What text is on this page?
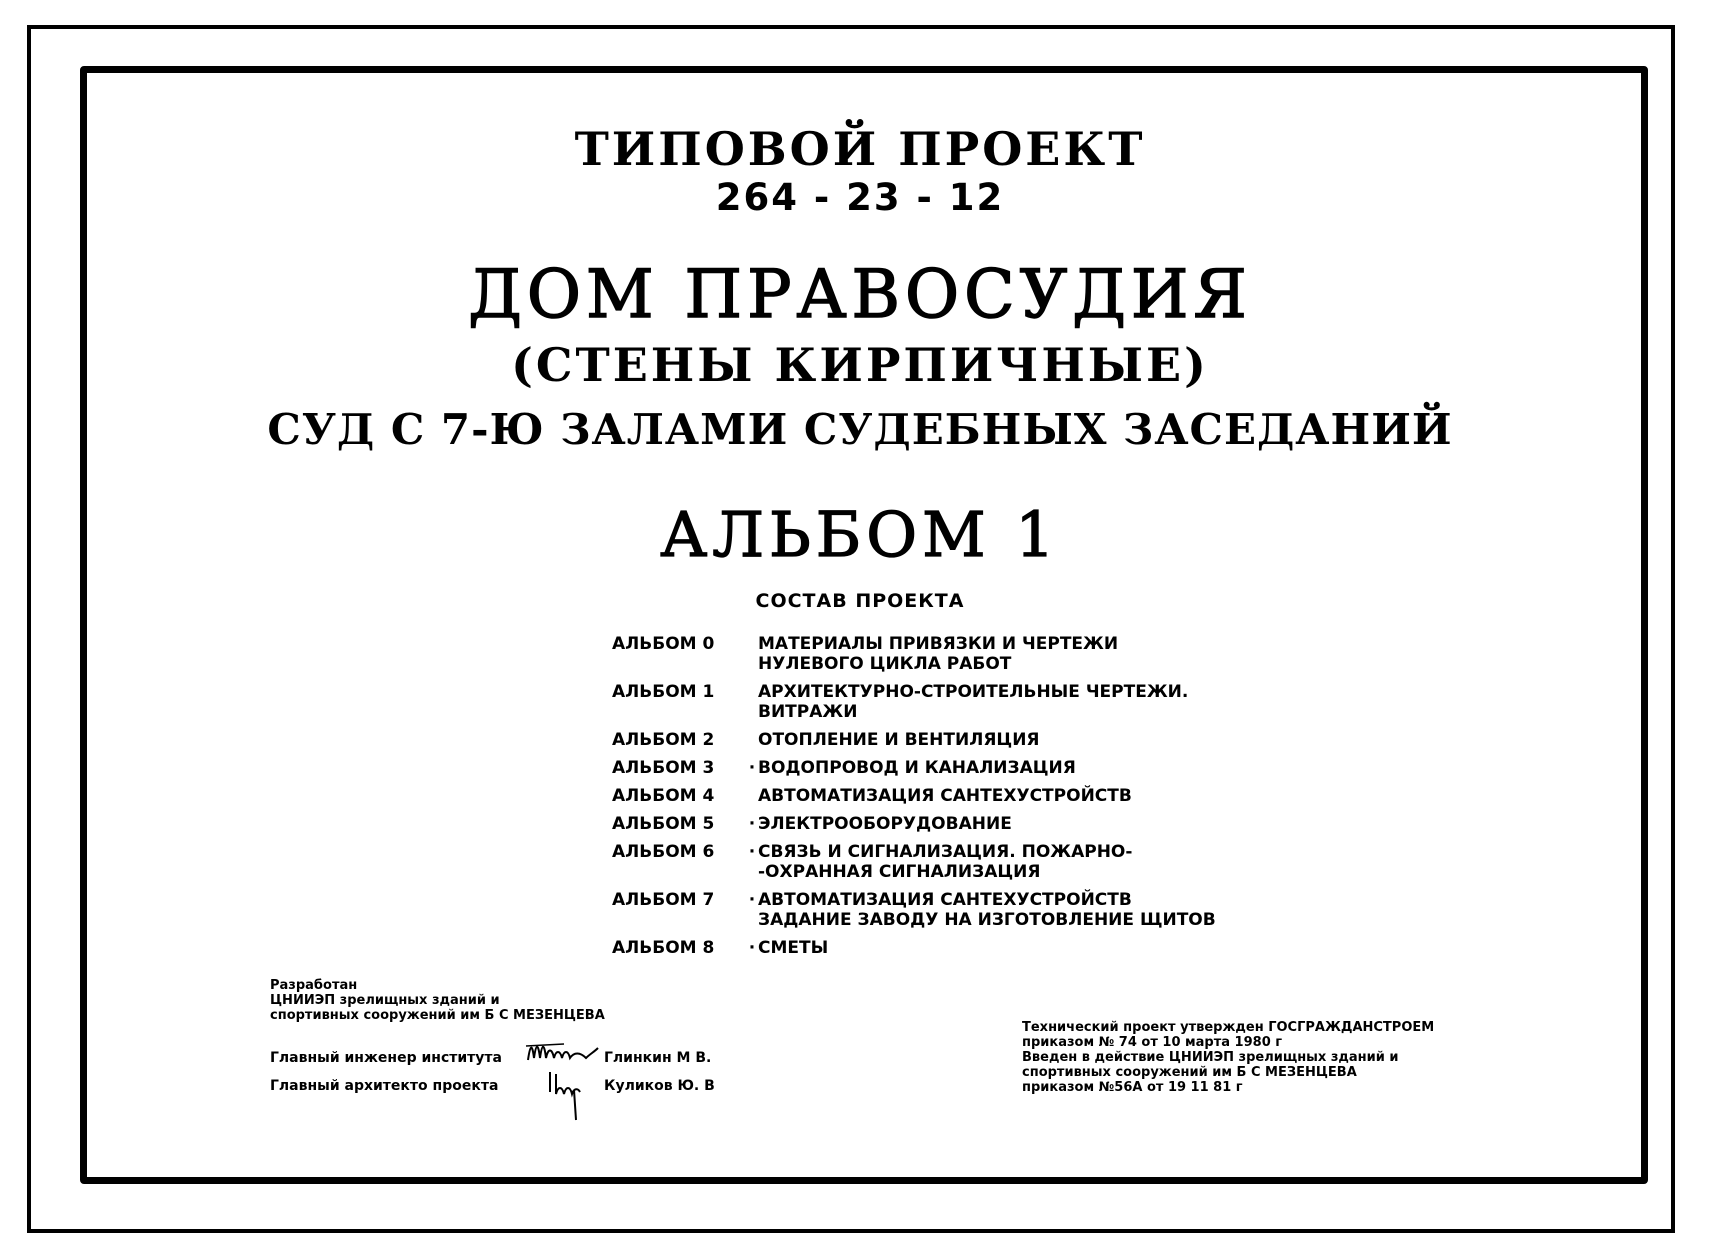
ТИПОВОЙ ПРОЕКТ
264 - 23 - 12
ДОМ ПРАВОСУДИЯ
(СТЕНЫ КИРПИЧНЫЕ)
СУД С 7-Ю ЗАЛАМИ СУДЕБНЫХ ЗАСЕДАНИЙ
АЛЬБОМ 1
СОСТАВ ПРОЕКТА
АЛЬБОМ 0	МАТЕРИАЛЫ ПРИВЯЗКИ И ЧЕРТЕЖИ
НУЛЕВОГО ЦИКЛА РАБОТ
АЛЬБОМ 1	АРХИТЕКТУРНО-СТРОИТЕЛЬНЫЕ ЧЕРТЕЖИ.
ВИТРАЖИ
АЛЬБОМ 2	ОТОПЛЕНИЕ И ВЕНТИЛЯЦИЯ
АЛЬБОМ 3	· ВОДОПРОВОД И КАНАЛИЗАЦИЯ
АЛЬБОМ 4	АВТОМАТИЗАЦИЯ САНТЕХУСТРОЙСТВ
АЛЬБОМ 5	· ЭЛЕКТРООБОРУДОВАНИЕ
АЛЬБОМ 6	· СВЯЗЬ И СИГНАЛИЗАЦИЯ. ПОЖАРНО-
-ОХРАННАЯ СИГНАЛИЗАЦИЯ
АЛЬБОМ 7	· АВТОМАТИЗАЦИЯ САНТЕХУСТРОЙСТВ
ЗАДАНИЕ ЗАВОДУ НА ИЗГОТОВЛЕНИЕ ЩИТОВ
АЛЬБОМ 8	· СМЕТЫ
Разработан
ЦНИИЭП зрелищных зданий и
спортивных сооружений им Б С МЕЗЕНЦЕВА
Главный инженер института	Глинкин М В.
Главный архитекто проекта	Куликов Ю. В
Технический проект утвержден ГОСГРАЖДАНСТРОЕМ
приказом № 74 от 10 марта 1980 г
Введен в действие ЦНИИЭП зрелищных зданий и
спортивных сооружений им Б С МЕЗЕНЦЕВА
приказом №56А от 19 11 81 г
